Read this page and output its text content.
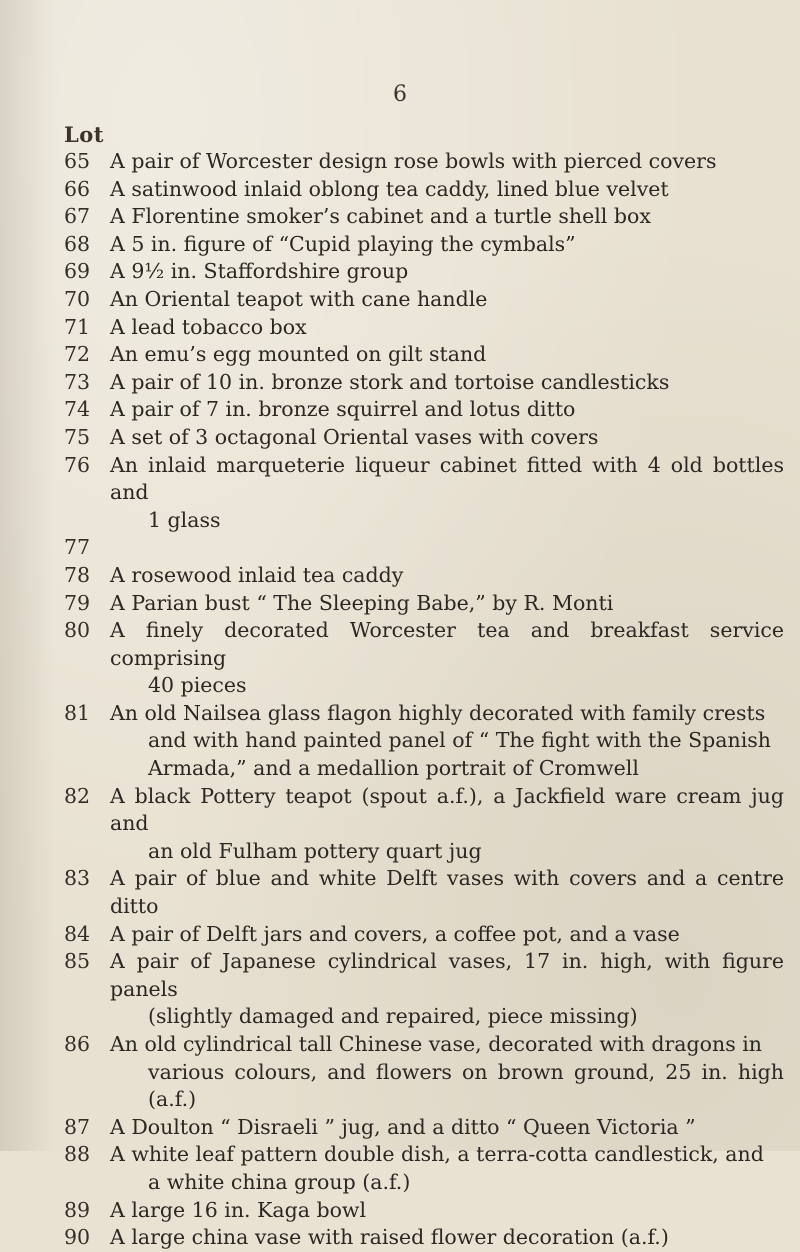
6
Lot
65 A pair of Worcester design rose bowls with pierced covers
66 A satinwood inlaid oblong tea caddy, lined blue velvet
67 A Florentine smoker’s cabinet and a turtle shell box
68 A 5 in. figure of “Cupid playing the cymbals”
69 A 9½ in. Staffordshire group
70 An Oriental teapot with cane handle
71 A lead tobacco box
72 An emu’s egg mounted on gilt stand
73 A pair of 10 in. bronze stork and tortoise candlesticks
74 A pair of 7 in. bronze squirrel and lotus ditto
75 A set of 3 octagonal Oriental vases with covers
76 An inlaid marqueterie liqueur cabinet fitted with 4 old bottles and
1 glass
77
78 A rosewood inlaid tea caddy
79 A Parian bust “ The Sleeping Babe,” by R. Monti
80 A finely decorated Worcester tea and breakfast service comprising
40 pieces
81 An old Nailsea glass flagon highly decorated with family crests
and with hand painted panel of “ The fight with the Spanish
Armada,” and a medallion portrait of Cromwell
82 A black Pottery teapot (spout a.f.), a Jackfield ware cream jug and
an old Fulham pottery quart jug
83 A pair of blue and white Delft vases with covers and a centre ditto
84 A pair of Delft jars and covers, a coffee pot, and a vase
85 A pair of Japanese cylindrical vases, 17 in. high, with figure panels
(slightly damaged and repaired, piece missing)
86 An old cylindrical tall Chinese vase, decorated with dragons in
various colours, and flowers on brown ground, 25 in. high (a.f.)
87 A Doulton “ Disraeli ” jug, and a ditto “ Queen Victoria ”
88 A white leaf pattern double dish, a terra-cotta candlestick, and
a white china group (a.f.)
89 A large 16 in. Kaga bowl
90 A large china vase with raised flower decoration (a.f.)
